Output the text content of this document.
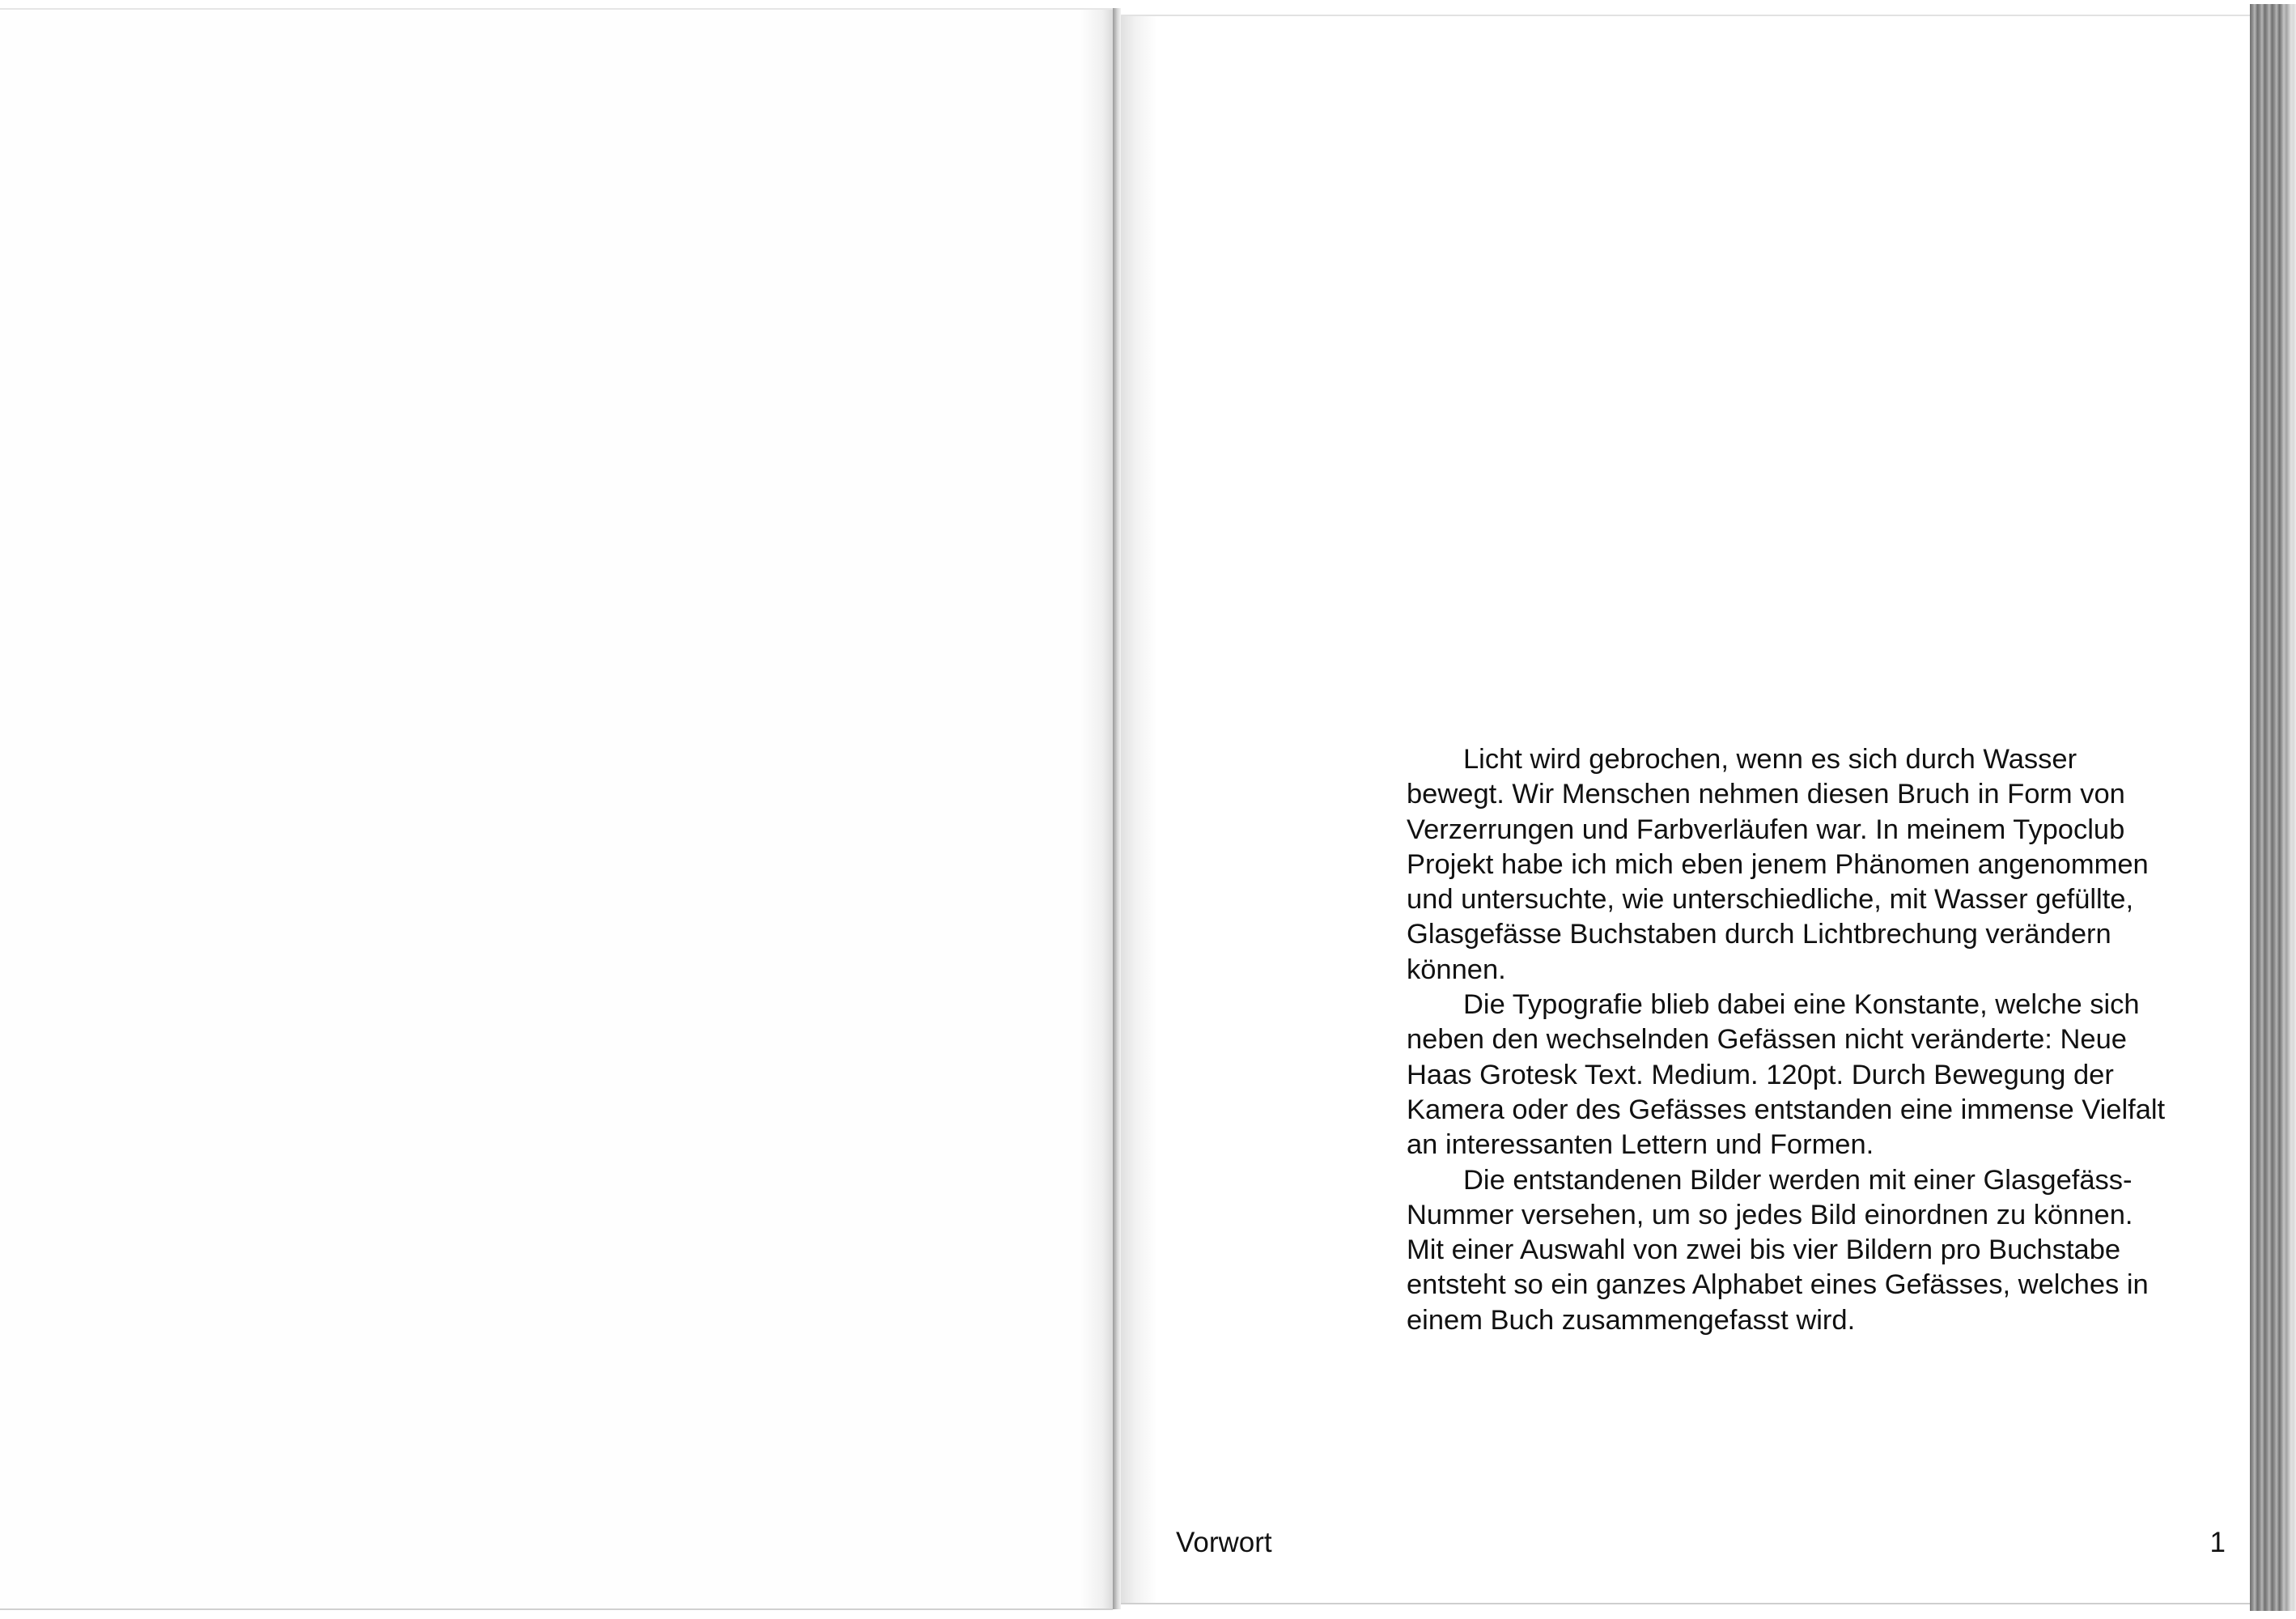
Licht wird gebrochen, wenn es sich durch Wasser bewegt. Wir Menschen nehmen diesen Bruch in Form von Verzerrungen und Farbverläufen war. In meinem Typoclub Projekt habe ich mich eben jenem Phänomen angenommen und untersuchte, wie unterschiedliche, mit Wasser gefüllte, Glasgefässe Buchstaben durch Lichtbrechung verändern können.

Die Typografie blieb dabei eine Konstante, welche sich neben den wechselnden Gefässen nicht veränderte: Neue Haas Grotesk Text. Medium. 120pt. Durch Bewegung der Kamera oder des Gefässes entstanden eine immense Vielfalt an interessanten Lettern und Formen.

Die entstandenen Bilder werden mit einer Glasgefäss-Nummer versehen, um so jedes Bild einordnen zu können. Mit einer Auswahl von zwei bis vier Bildern pro Buchstabe entsteht so ein ganzes Alphabet eines Gefässes, welches in einem Buch zusammengefasst wird.

Vorwort	1
